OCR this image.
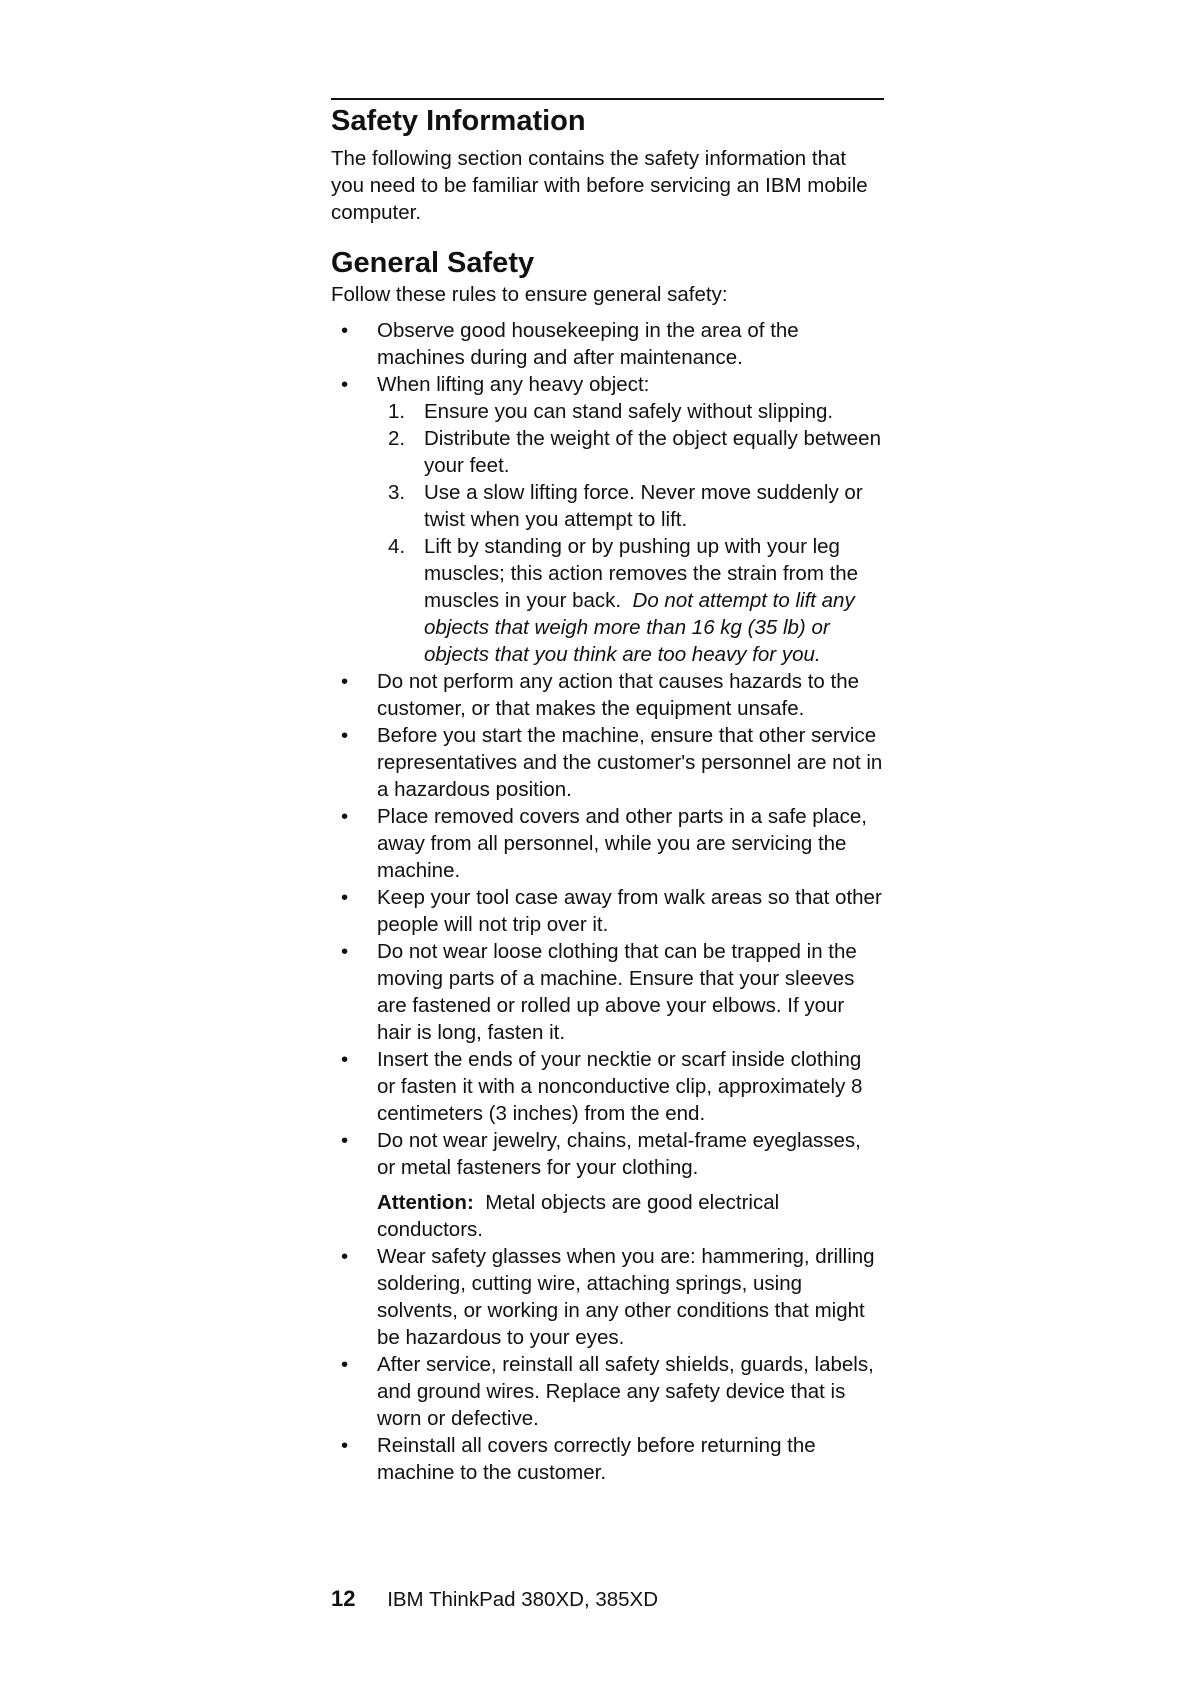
Safety Information

The following section contains the safety information that you need to be familiar with before servicing an IBM mobile computer.

General Safety

Follow these rules to ensure general safety:

•	Observe good housekeeping in the area of the machines during and after maintenance.
•	When lifting any heavy object:
1. Ensure you can stand safely without slipping.
2. Distribute the weight of the object equally between your feet.
3. Use a slow lifting force. Never move suddenly or twist when you attempt to lift.
4. Lift by standing or by pushing up with your leg muscles; this action removes the strain from the muscles in your back. Do not attempt to lift any objects that weigh more than 16 kg (35 lb) or objects that you think are too heavy for you.
•	Do not perform any action that causes hazards to the customer, or that makes the equipment unsafe.
•	Before you start the machine, ensure that other service representatives and the customer's personnel are not in a hazardous position.
•	Place removed covers and other parts in a safe place, away from all personnel, while you are servicing the machine.
•	Keep your tool case away from walk areas so that other people will not trip over it.
•	Do not wear loose clothing that can be trapped in the moving parts of a machine. Ensure that your sleeves are fastened or rolled up above your elbows. If your hair is long, fasten it.
•	Insert the ends of your necktie or scarf inside clothing or fasten it with a nonconductive clip, approximately 8 centimeters (3 inches) from the end.
•	Do not wear jewelry, chains, metal-frame eyeglasses, or metal fasteners for your clothing.

Attention: Metal objects are good electrical conductors.

•	Wear safety glasses when you are: hammering, drilling soldering, cutting wire, attaching springs, using solvents, or working in any other conditions that might be hazardous to your eyes.
•	After service, reinstall all safety shields, guards, labels, and ground wires. Replace any safety device that is worn or defective.
•	Reinstall all covers correctly before returning the machine to the customer.
12 IBM ThinkPad 380XD, 385XD
